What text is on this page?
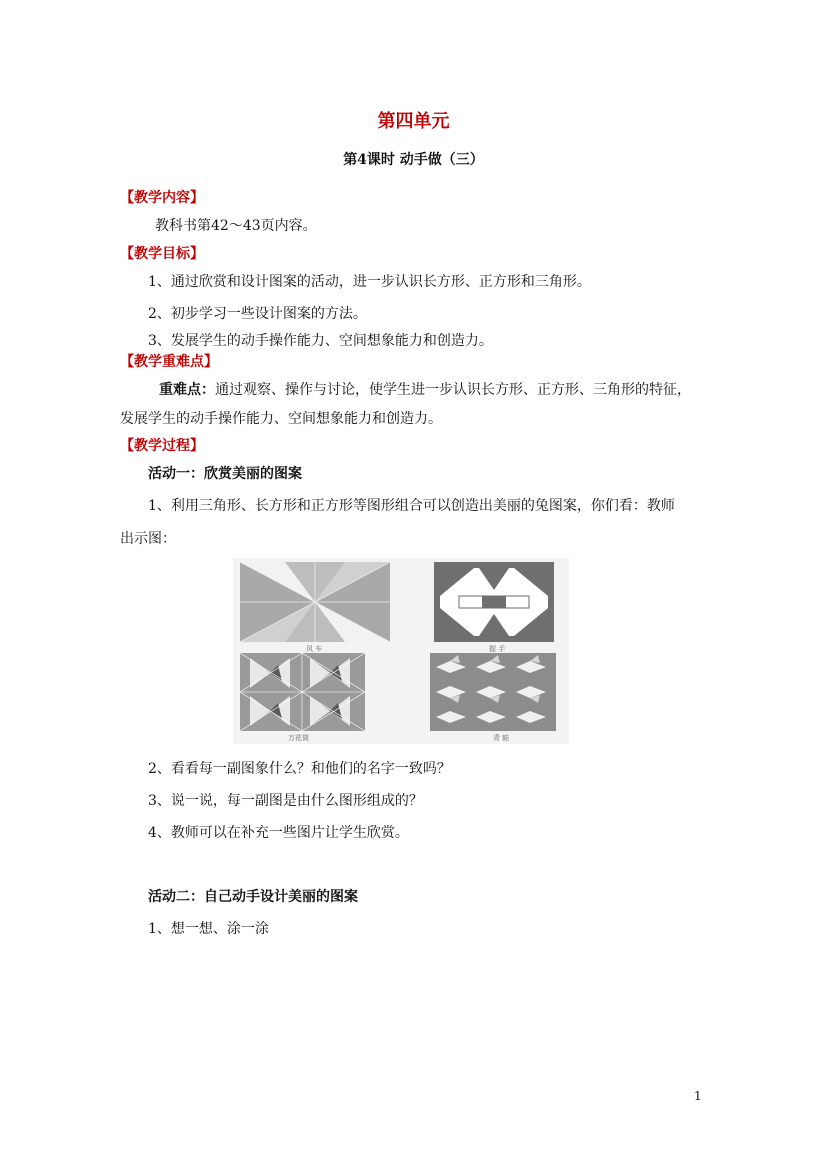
第四单元
第4课时 动手做（三）
【教学内容】
教科书第42～43页内容。
【教学目标】
1、通过欣赏和设计图案的活动，进一步认识长方形、正方形和三角形。
2、初步学习一些设计图案的方法。
3、发展学生的动手操作能力、空间想象能力和创造力。
【教学重难点】
重难点：通过观察、操作与讨论，使学生进一步认识长方形、正方形、三角形的特征，
发展学生的动手操作能力、空间想象能力和创造力。
【教学过程】
活动一：欣赏美丽的图案
1、利用三角形、长方形和正方形等图形组合可以创造出美丽的兔图案，你们看：教师
出示图：
风 车	握 手
万花筒	青 蛙
2、看看每一副图象什么？和他们的名字一致吗？
3、说一说，每一副图是由什么图形组成的？
4、教师可以在补充一些图片让学生欣赏。
活动二：自己动手设计美丽的图案
1、想一想、涂一涂
1
